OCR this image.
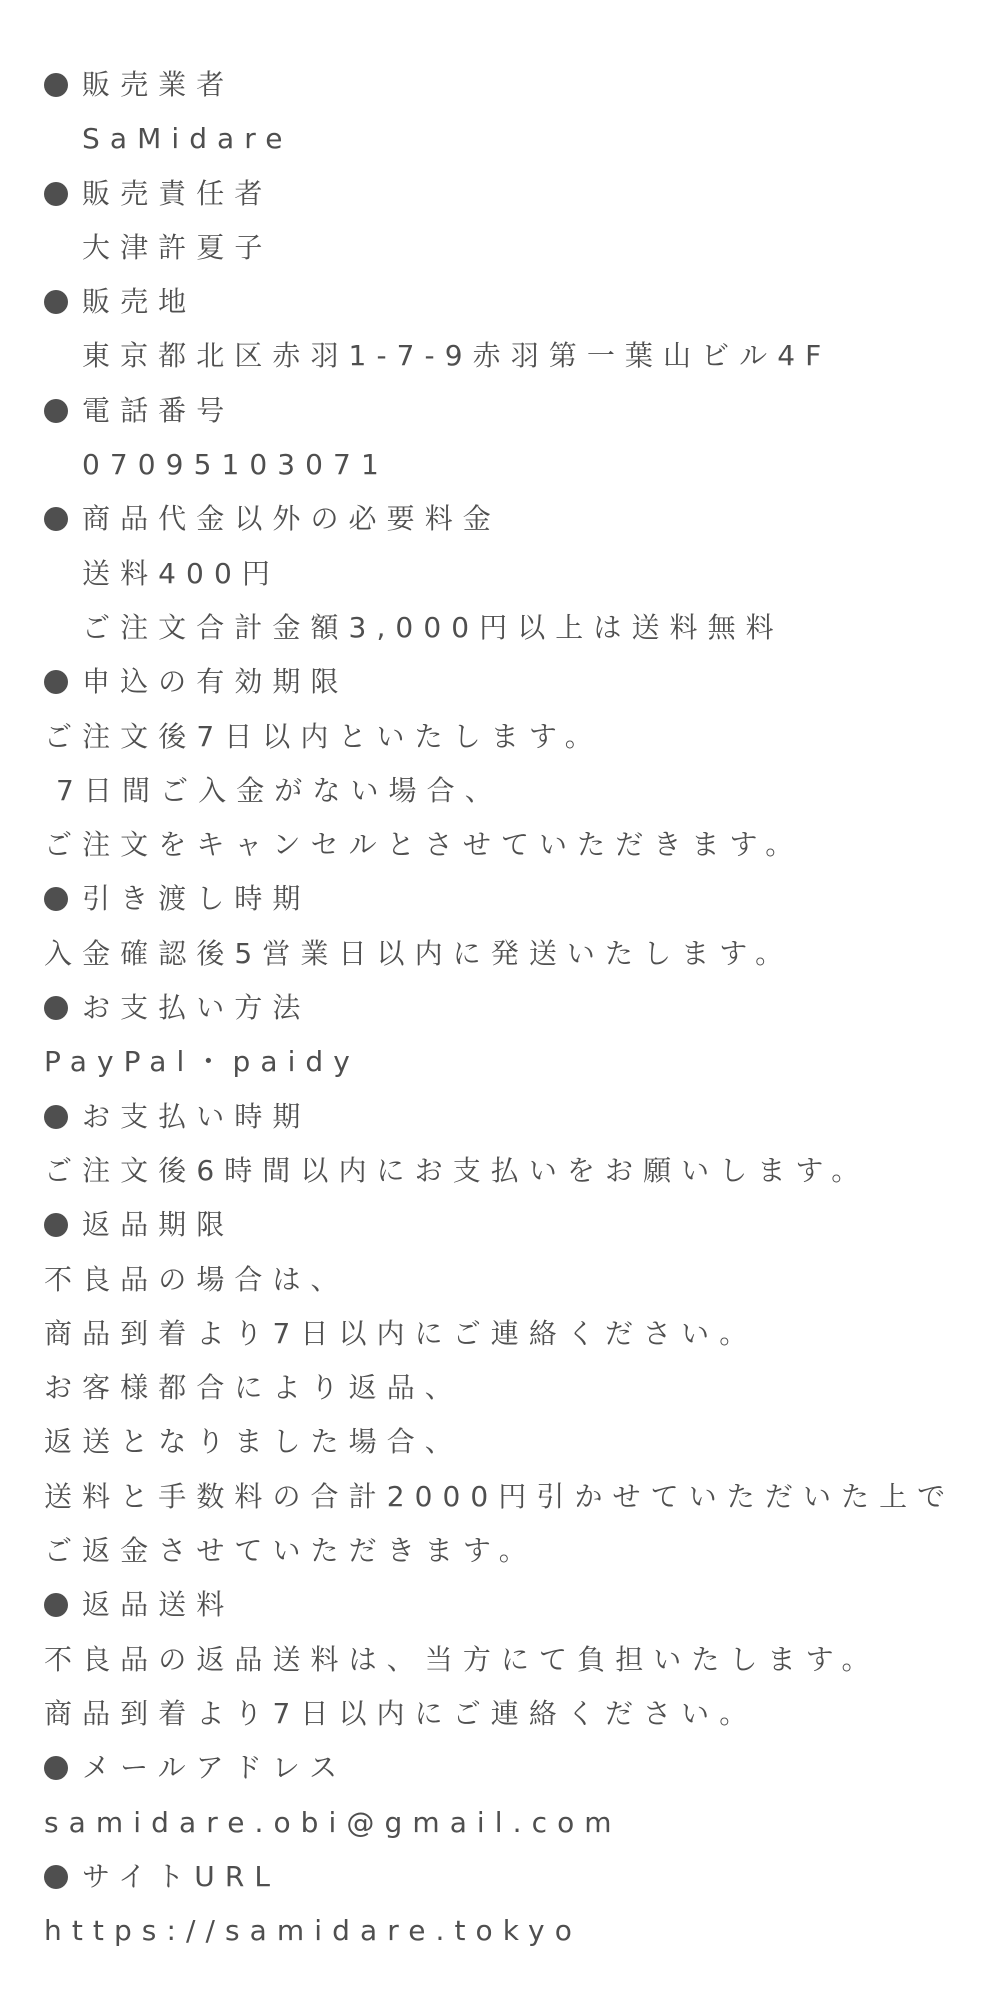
販売業者
SaMidare
販売責任者
大津許夏子
販売地
東京都北区赤羽1-7-9赤羽第一葉山ビル4F
電話番号
07095103071
商品代金以外の必要料金
送料400円
ご注文合計金額3,000円以上は送料無料
申込の有効期限
ご注文後7日以内といたします。
7日間ご入金がない場合、
ご注文をキャンセルとさせていただきます。
引き渡し時期
入金確認後5営業日以内に発送いたします。
お支払い方法
PayPal・paidy
お支払い時期
ご注文後6時間以内にお支払いをお願いします。
返品期限
不良品の場合は、
商品到着より7日以内にご連絡ください。
お客様都合により返品、
返送となりました場合、
送料と手数料の合計2000円引かせていただいた上で
ご返金させていただきます。
返品送料
不良品の返品送料は、当方にて負担いたします。
商品到着より7日以内にご連絡ください。
メールアドレス
samidare.obi@gmail.com
サイトURL
https://samidare.tokyo
